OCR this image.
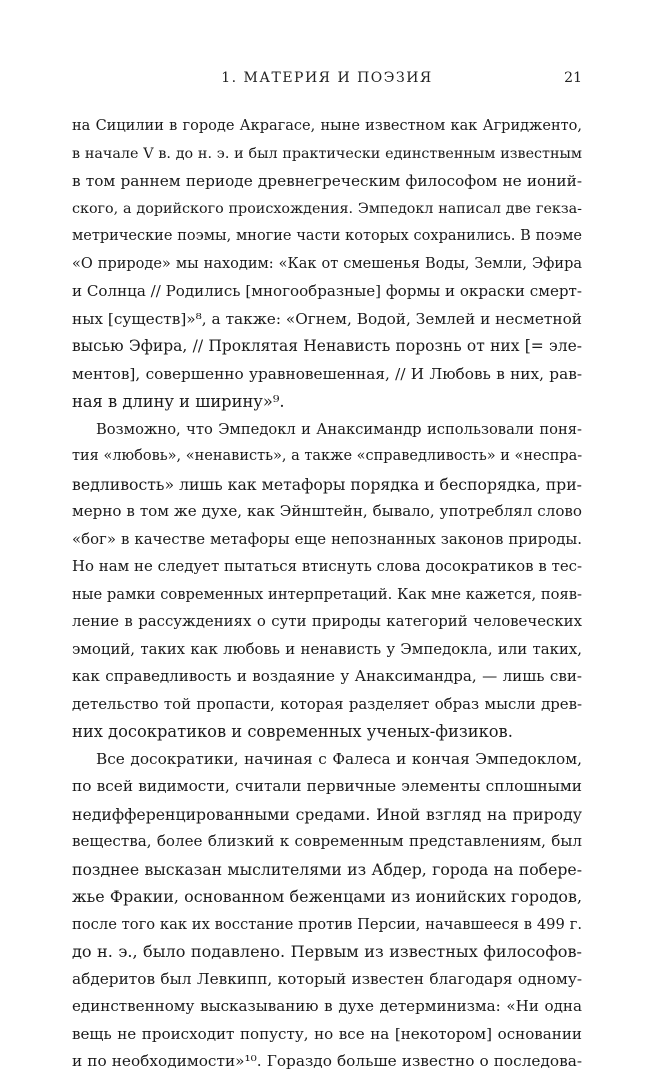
1. МАТЕРИЯ И ПОЭЗИЯ	21
на Сицилии в городе Акрагасе, ныне известном как Агридженто,
в начале V в. до н. э. и был практически единственным известным
в том раннем периоде древнегреческим философом не ионий-
ского, а дорийского происхождения. Эмпедокл написал две гекза-
метрические поэмы, многие части которых сохранились. В поэме
«О природе» мы находим: «Как от смешенья Воды, Земли, Эфира
и Солнца // Родились [многообразные] формы и окраски смерт-
ных [существ]»⁸, а также: «Огнем, Водой, Землей и несметной
высью Эфира, // Проклятая Ненависть порознь от них [= эле-
ментов], совершенно уравновешенная, // И Любовь в них, рав-
ная в длину и ширину»⁹.
Возможно, что Эмпедокл и Анаксимандр использовали поня-
тия «любовь», «ненависть», а также «справедливость» и «неспра-
ведливость» лишь как метафоры порядка и беспорядка, при-
мерно в том же духе, как Эйнштейн, бывало, употреблял слово
«бог» в качестве метафоры еще непознанных законов природы.
Но нам не следует пытаться втиснуть слова досократиков в тес-
ные рамки современных интерпретаций. Как мне кажется, появ-
ление в рассуждениях о сути природы категорий человеческих
эмоций, таких как любовь и ненависть у Эмпедокла, или таких,
как справедливость и воздаяние у Анаксимандра, — лишь сви-
детельство той пропасти, которая разделяет образ мысли древ-
них досократиков и современных ученых-физиков.
Все досократики, начиная с Фалеса и кончая Эмпедоклом,
по всей видимости, считали первичные элементы сплошными
недифференцированными средами. Иной взгляд на природу
вещества, более близкий к современным представлениям, был
позднее высказан мыслителями из Абдер, города на побере-
жье Фракии, основанном беженцами из ионийских городов,
после того как их восстание против Персии, начавшееся в 499 г.
до н. э., было подавлено. Первым из известных философов-
абдеритов был Левкипп, который известен благодаря одному-
единственному высказыванию в духе детерминизма: «Ни одна
вещь не происходит попусту, но все на [некотором] основании
и по необходимости»¹⁰. Гораздо больше известно о последова-
